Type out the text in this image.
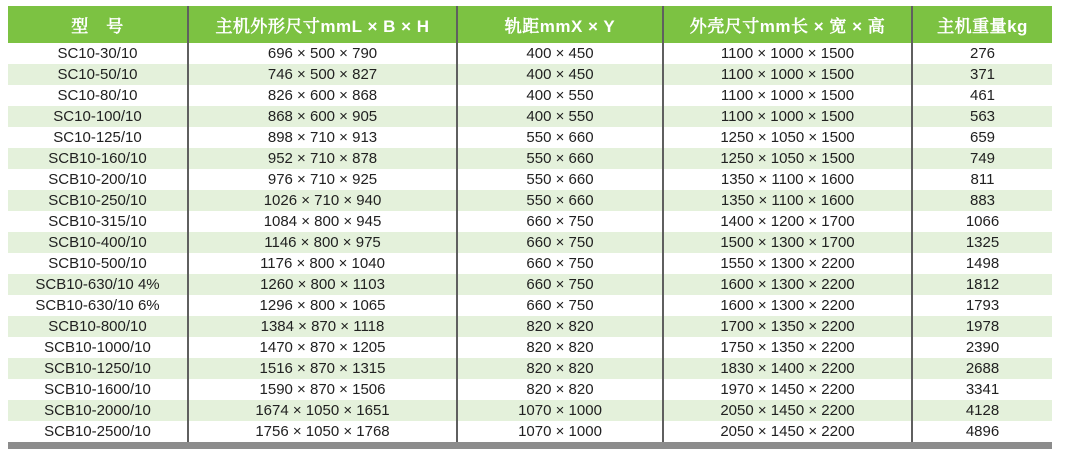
型　号	主机外形尺寸mmL × B × H	轨距mmX × Y	外壳尺寸mm长 × 宽 × 高	主机重量kg
SC10-30/10	696 × 500 × 790	400 × 450	1100 × 1000 × 1500	276
SC10-50/10	746 × 500 × 827	400 × 450	1100 × 1000 × 1500	371
SC10-80/10	826 × 600 × 868	400 × 550	1100 × 1000 × 1500	461
SC10-100/10	868 × 600 × 905	400 × 550	1100 × 1000 × 1500	563
SC10-125/10	898 × 710 × 913	550 × 660	1250 × 1050 × 1500	659
SCB10-160/10	952 × 710 × 878	550 × 660	1250 × 1050 × 1500	749
SCB10-200/10	976 × 710 × 925	550 × 660	1350 × 1100 × 1600	811
SCB10-250/10	1026 × 710 × 940	550 × 660	1350 × 1100 × 1600	883
SCB10-315/10	1084 × 800 × 945	660 × 750	1400 × 1200 × 1700	1066
SCB10-400/10	1146 × 800 × 975	660 × 750	1500 × 1300 × 1700	1325
SCB10-500/10	1176 × 800 × 1040	660 × 750	1550 × 1300 × 2200	1498
SCB10-630/10 4%	1260 × 800 × 1103	660 × 750	1600 × 1300 × 2200	1812
SCB10-630/10 6%	1296 × 800 × 1065	660 × 750	1600 × 1300 × 2200	1793
SCB10-800/10	1384 × 870 × 1118	820 × 820	1700 × 1350 × 2200	1978
SCB10-1000/10	1470 × 870 × 1205	820 × 820	1750 × 1350 × 2200	2390
SCB10-1250/10	1516 × 870 × 1315	820 × 820	1830 × 1400 × 2200	2688
SCB10-1600/10	1590 × 870 × 1506	820 × 820	1970 × 1450 × 2200	3341
SCB10-2000/10	1674 × 1050 × 1651	1070 × 1000	2050 × 1450 × 2200	4128
SCB10-2500/10	1756 × 1050 × 1768	1070 × 1000	2050 × 1450 × 2200	4896
